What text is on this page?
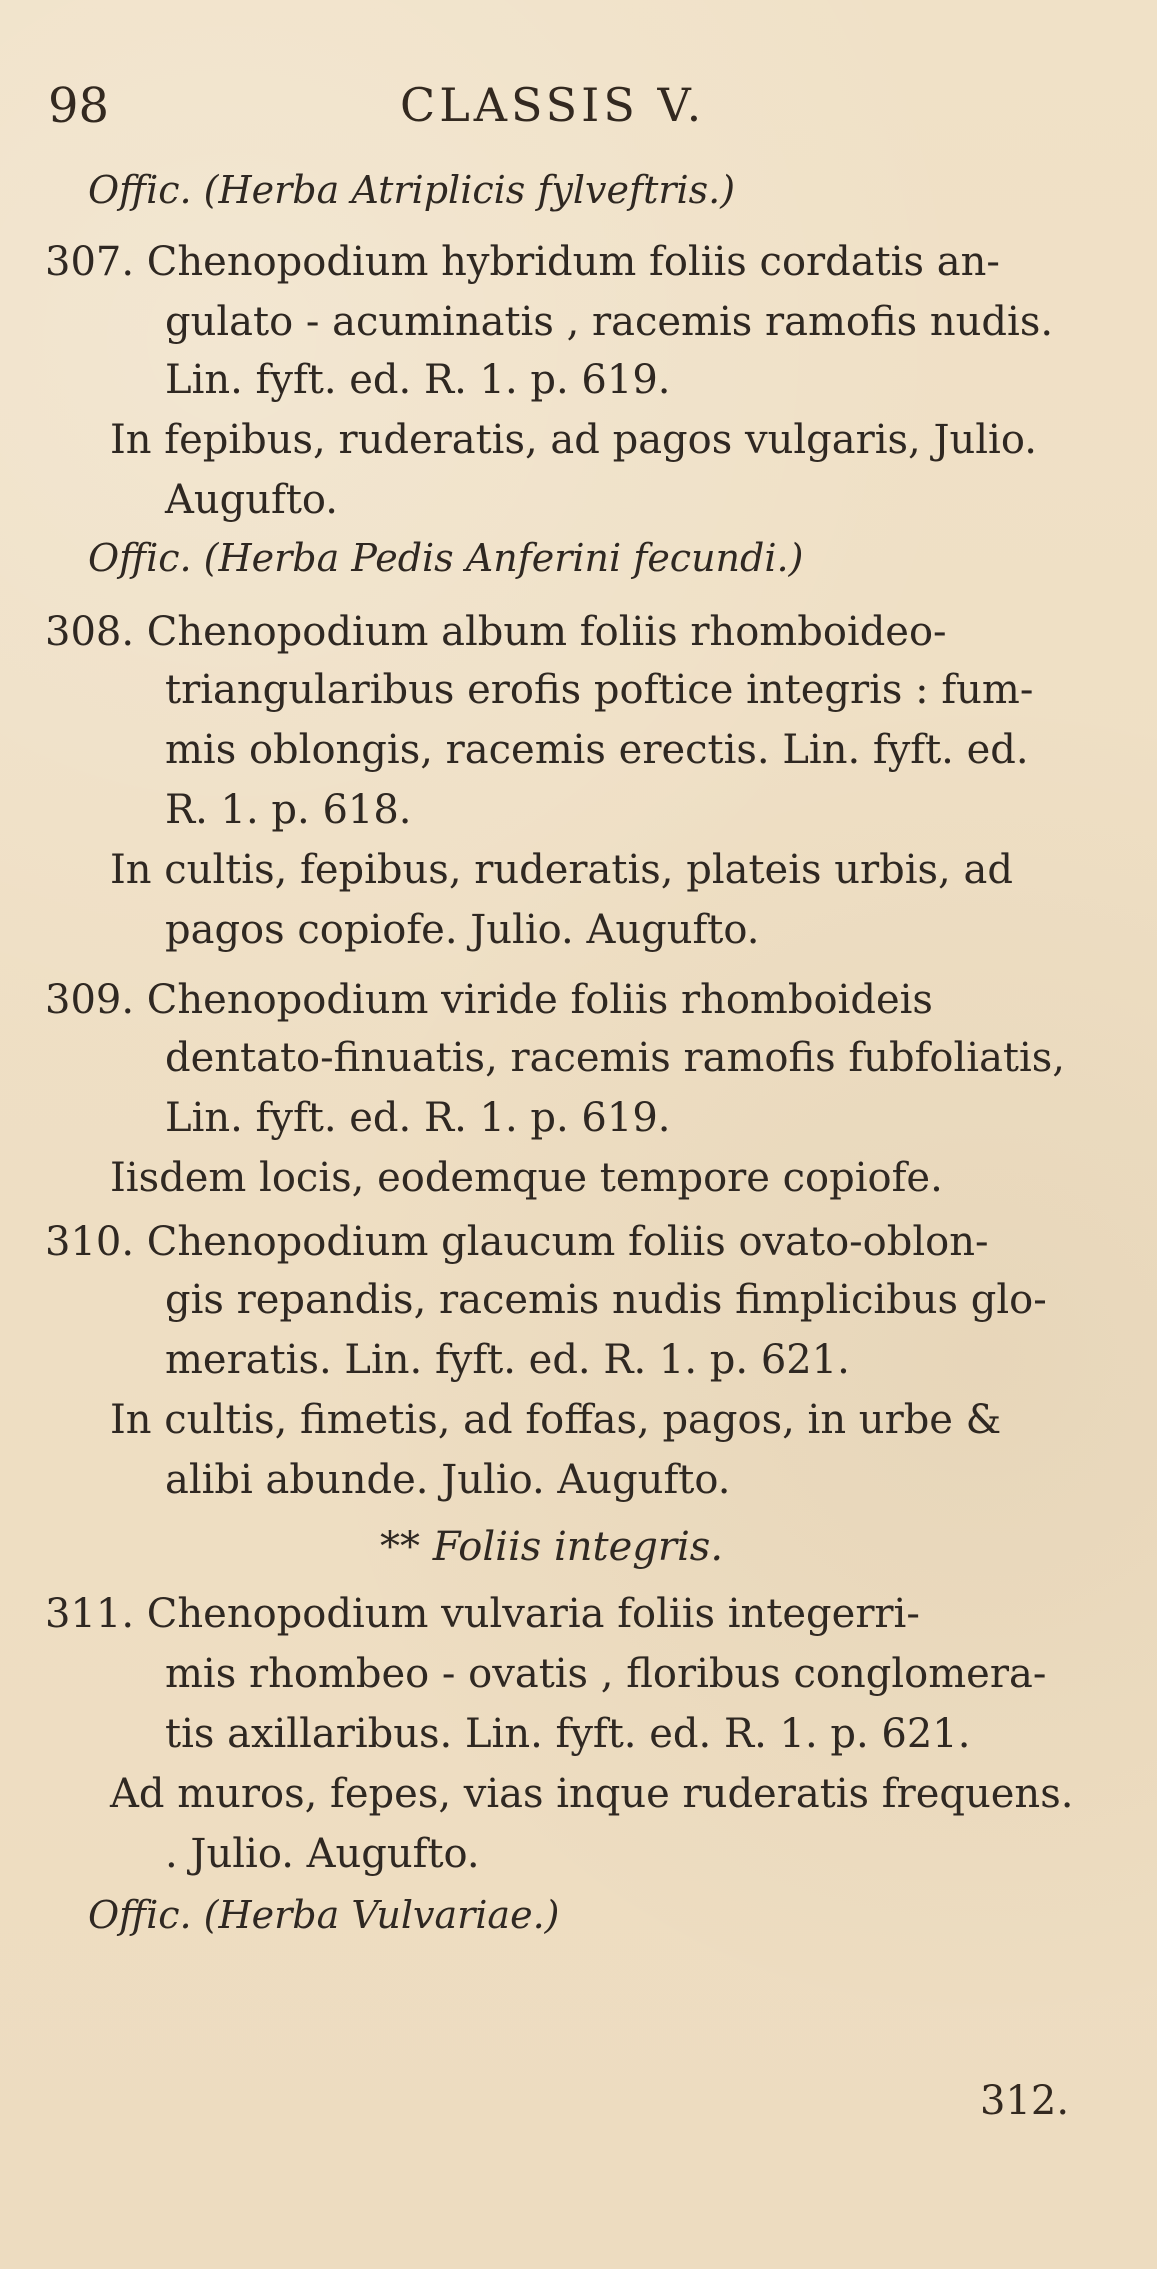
98	CLASSIS V.
Offic. (Herba Atriplicis fylveftris.)
307. Chenopodium hybridum foliis cordatis an-
gulato - acuminatis , racemis ramofis nudis.
Lin. fyft. ed. R. 1. p. 619.
In fepibus, ruderatis, ad pagos vulgaris, Julio.
Augufto.
Offic. (Herba Pedis Anferini fecundi.)
308. Chenopodium album foliis rhomboideo-
triangularibus erofis poftice integris : fum-
mis oblongis, racemis erectis. Lin. fyft. ed.
R. 1. p. 618.
In cultis, fepibus, ruderatis, plateis urbis, ad
pagos copiofe. Julio. Augufto.
309. Chenopodium viride foliis rhomboideis
dentato-finuatis, racemis ramofis fubfoliatis,
Lin. fyft. ed. R. 1. p. 619.
Iisdem locis, eodemque tempore copiofe.
310. Chenopodium glaucum foliis ovato-oblon-
gis repandis, racemis nudis fimplicibus glo-
meratis. Lin. fyft. ed. R. 1. p. 621.
In cultis, fimetis, ad foffas, pagos, in urbe &
alibi abunde. Julio. Augufto.
** Foliis integris.
311. Chenopodium vulvaria foliis integerri-
mis rhombeo - ovatis , floribus conglomera-
tis axillaribus. Lin. fyft. ed. R. 1. p. 621.
Ad muros, fepes, vias inque ruderatis frequens.
. Julio. Augufto.
Offic. (Herba Vulvariae.)
312.
